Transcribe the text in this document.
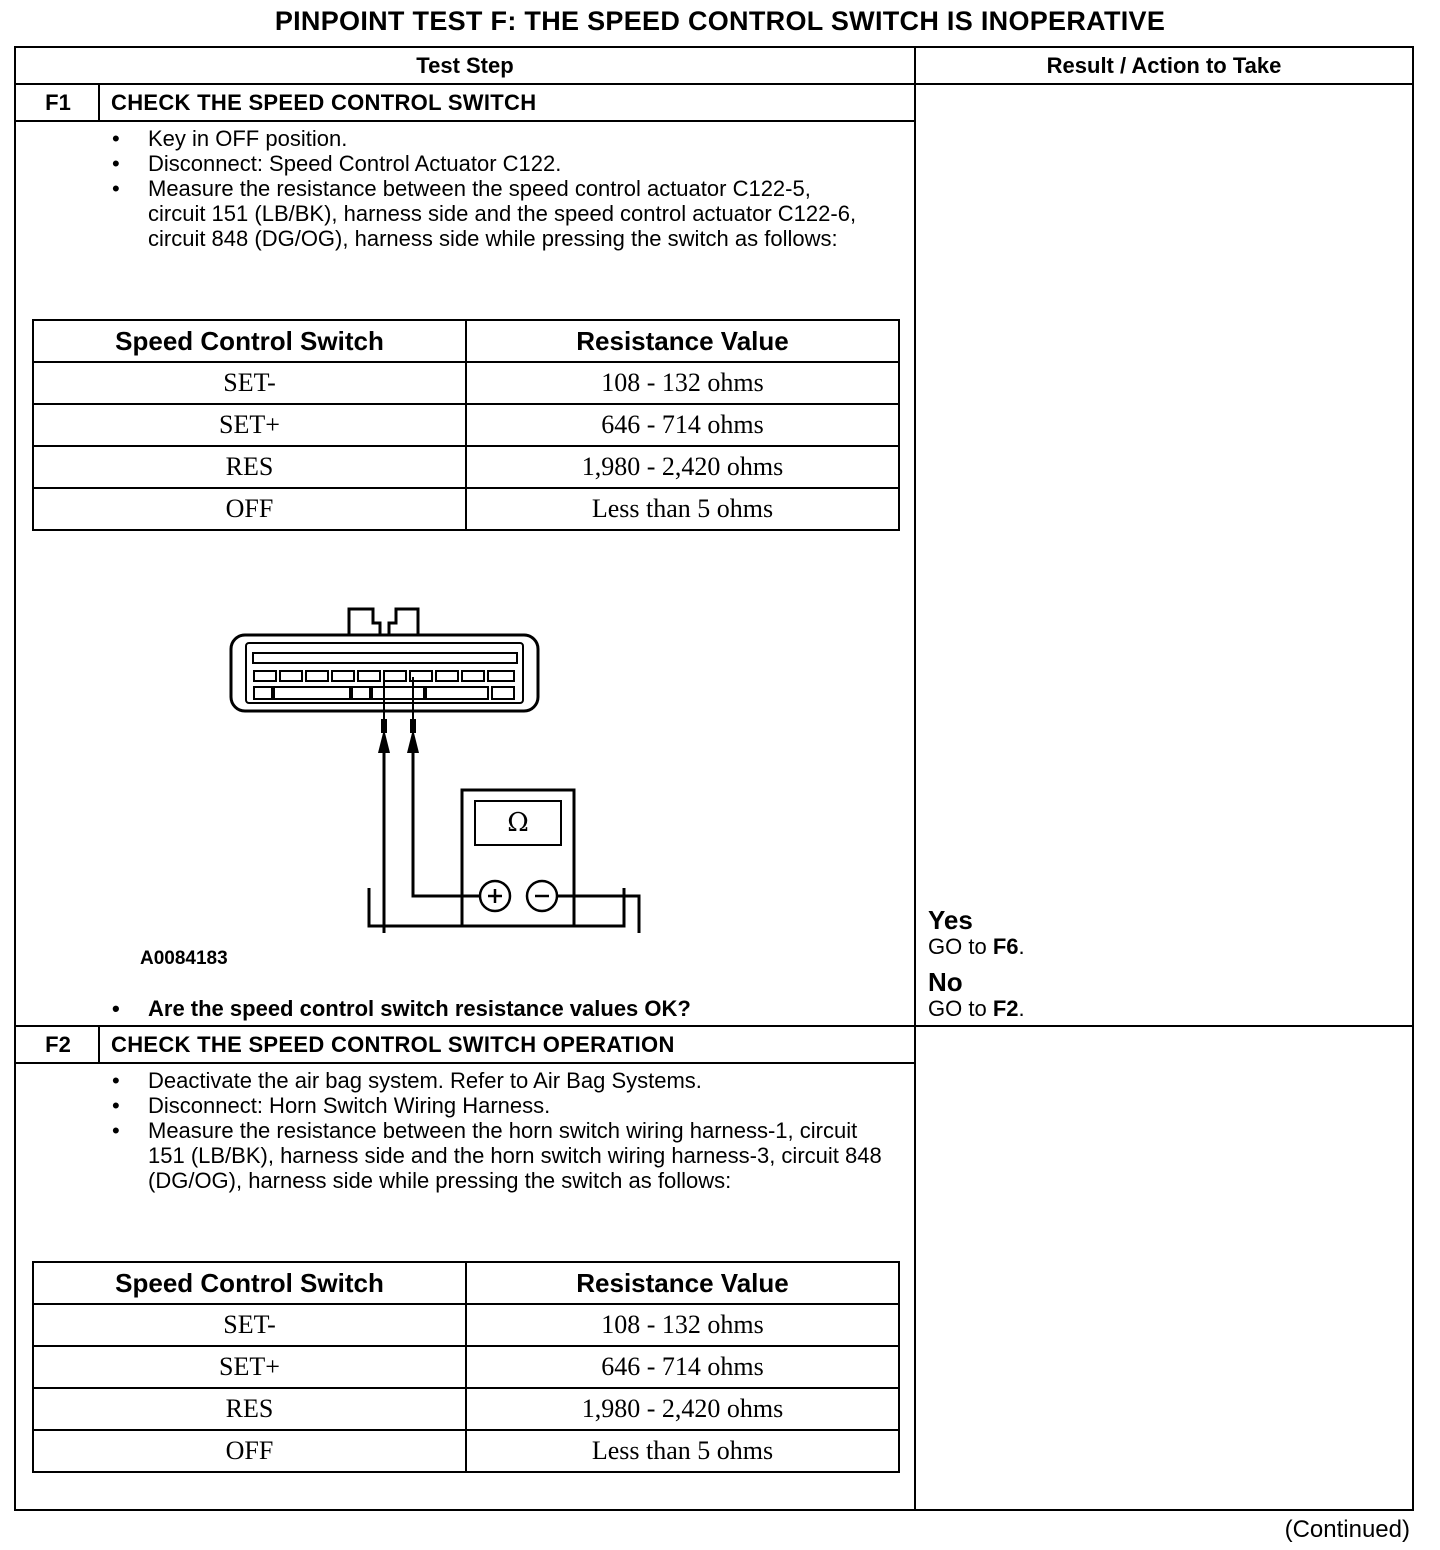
PINPOINT TEST F: THE SPEED CONTROL SWITCH IS INOPERATIVE
Test Step	Result / Action to Take
F1	CHECK THE SPEED CONTROL SWITCH
• Key in OFF position.
• Disconnect: Speed Control Actuator C122.
• Measure the resistance between the speed control actuator C122-5, circuit 151 (LB/BK), harness side and the speed control actuator C122-6, circuit 848 (DG/OG), harness side while pressing the switch as follows:
Speed Control Switch	Resistance Value
SET-	108 - 132 ohms
SET+	646 - 714 ohms
RES	1,980 - 2,420 ohms
OFF	Less than 5 ohms
Ω
A0084183
• Are the speed control switch resistance values OK?
Yes
GO to F6.
No
GO to F2.
F2	CHECK THE SPEED CONTROL SWITCH OPERATION
• Deactivate the air bag system. Refer to Air Bag Systems.
• Disconnect: Horn Switch Wiring Harness.
• Measure the resistance between the horn switch wiring harness-1, circuit 151 (LB/BK), harness side and the horn switch wiring harness-3, circuit 848 (DG/OG), harness side while pressing the switch as follows:
Speed Control Switch	Resistance Value
SET-	108 - 132 ohms
SET+	646 - 714 ohms
RES	1,980 - 2,420 ohms
OFF	Less than 5 ohms
(Continued)
